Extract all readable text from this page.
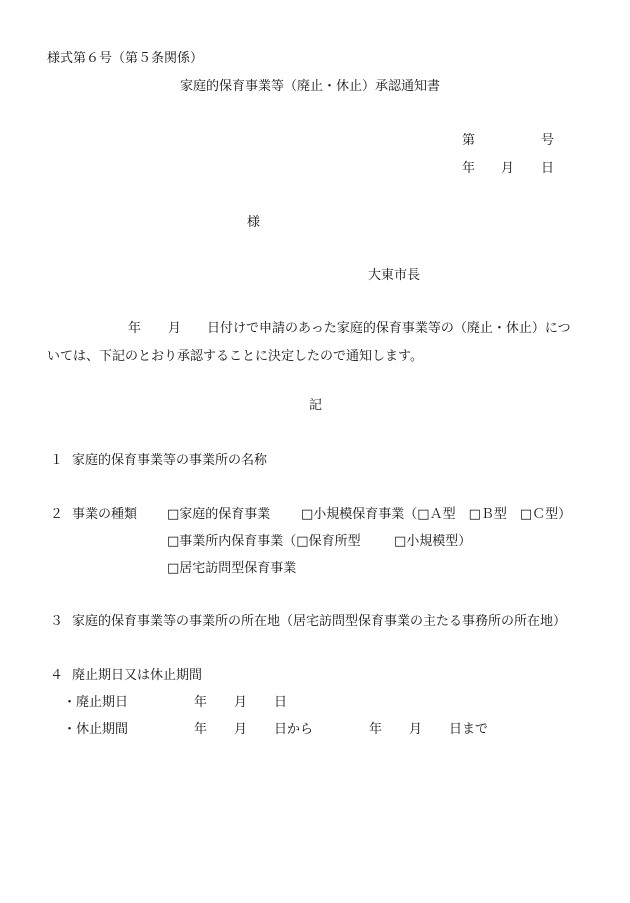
様式第６号（第５条関係）
家庭的保育事業等（廃止・休止）承認通知書
第	号
年 月 日
様
大東市長
年 月 日付けで申請のあった家庭的保育事業等の（廃止・休止）につ
いては、下記のとおり承認することに決定したので通知します。
記
１ 家庭的保育事業等の事業所の名称
２ 事業の種類 □家庭的保育事業 □小規模保育事業（□Ａ型　□Ｂ型　□Ｃ型）
□事業所内保育事業（□保育所型	□小規模型）
□居宅訪問型保育事業
３ 家庭的保育事業等の事業所の所在地（居宅訪問型保育事業の主たる事務所の所在地）
４ 廃止期日又は休止期間
・廃止期日	年 月 日
・休止期間	年 月 日から	年 月 日まで
